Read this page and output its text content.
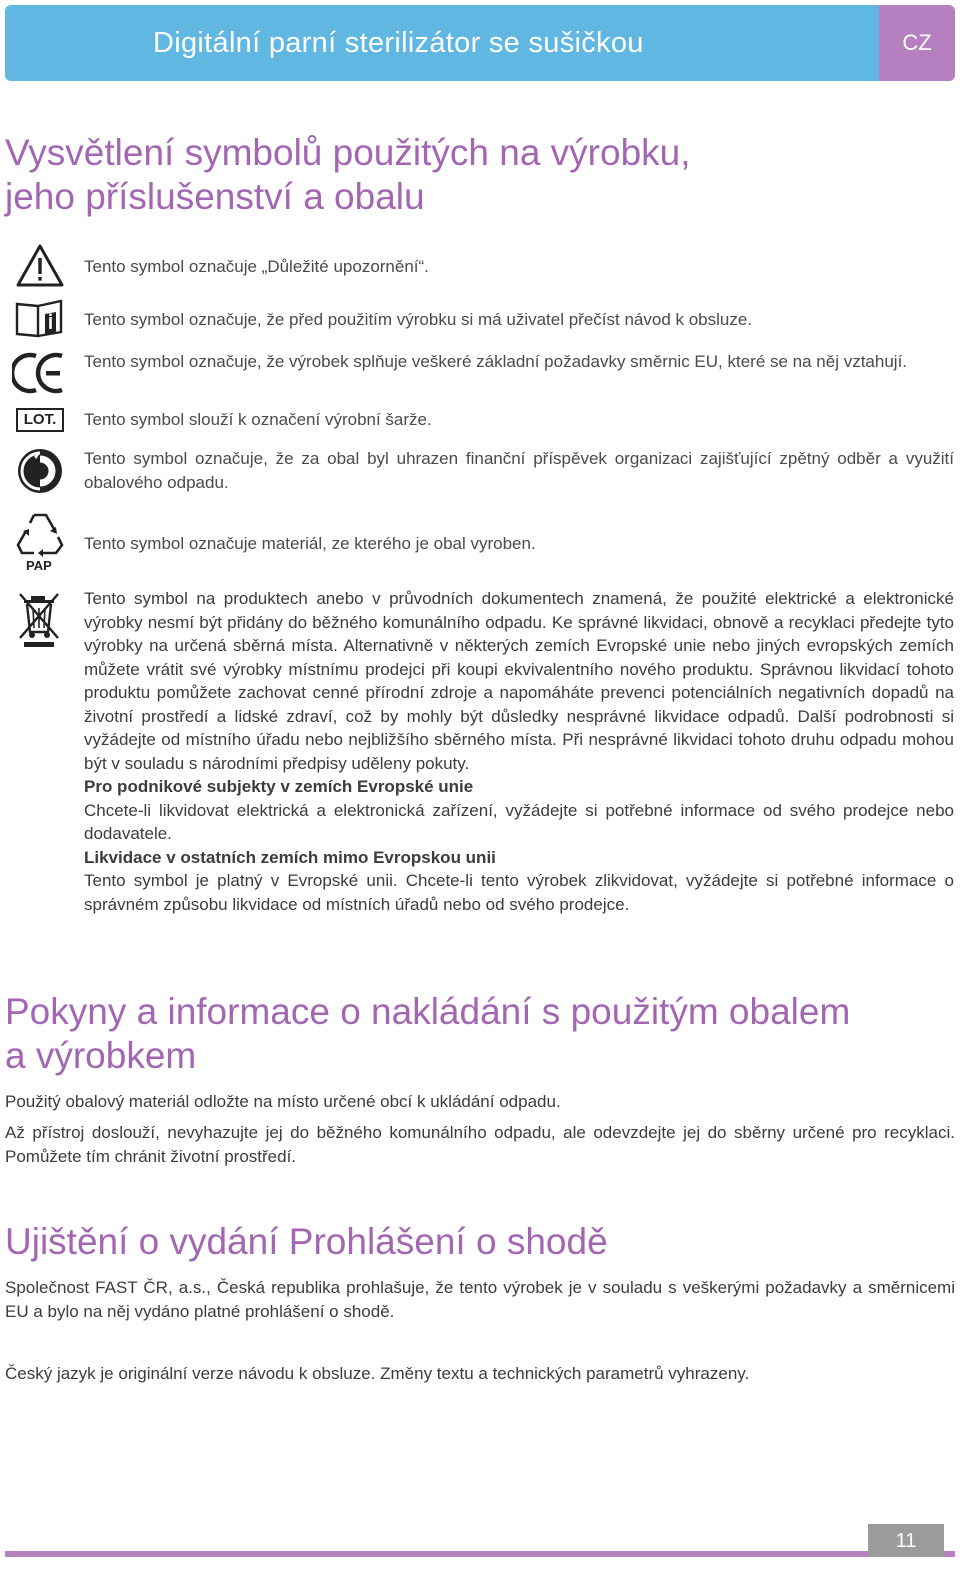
Digitální parní sterilizátor se sušičkou	CZ
Vysvětlení symbolů použitých na výrobku,
jeho příslušenství a obalu
Tento symbol označuje „Důležité upozornění“.
Tento symbol označuje, že před použitím výrobku si má uživatel přečíst návod k obsluze.
Tento symbol označuje, že výrobek splňuje veškeré základní požadavky směrnic EU, které se na něj vztahují.
LOT.	Tento symbol slouží k označení výrobní šarže.
Tento symbol označuje, že za obal byl uhrazen finanční příspěvek organizaci zajišťující zpětný odběr a využití obalového odpadu.
PAP
Tento symbol označuje materiál, ze kterého je obal vyroben.

Tento symbol na produktech anebo v průvodních dokumentech znamená, že použité elektrické a elektronické výrobky nesmí být přidány do běžného komunálního odpadu. Ke správné likvidaci, obnově a recyklaci předejte tyto výrobky na určená sběrná místa. Alternativně v některých zemích Evropské unie nebo jiných evropských zemích můžete vrátit své výrobky místnímu prodejci při koupi ekvivalentního nového produktu. Správnou likvidací tohoto produktu pomůžete zachovat cenné přírodní zdroje a napomáháte prevenci potenciálních negativních dopadů na životní prostředí a lidské zdraví, což by mohly být důsledky nesprávné likvidace odpadů. Další podrobnosti si vyžádejte od místního úřadu nebo nejbližšího sběrného místa. Při nesprávné likvidaci tohoto druhu odpadu mohou být v souladu s národními předpisy uděleny pokuty.

Pro podnikové subjekty v zemích Evropské unie

Chcete-li likvidovat elektrická a elektronická zařízení, vyžádejte si potřebné informace od svého prodejce nebo dodavatele.

Likvidace v ostatních zemích mimo Evropskou unii

Tento symbol je platný v Evropské unii. Chcete-li tento výrobek zlikvidovat, vyžádejte si potřebné informace o správném způsobu likvidace od místních úřadů nebo od svého prodejce.

Pokyny a informace o nakládání s použitým obalem
a výrobkem
Použitý obalový materiál odložte na místo určené obcí k ukládání odpadu.
Až přístroj doslouží, nevyhazujte jej do běžného komunálního odpadu, ale odevzdejte jej do sběrny určené pro recyklaci. Pomůžete tím chránit životní prostředí.
Ujištění o vydání Prohlášení o shodě
Společnost FAST ČR, a.s., Česká republika prohlašuje, že tento výrobek je v souladu s veškerými požadavky a směrnicemi EU a bylo na něj vydáno platné prohlášení o shodě.
Český jazyk je originální verze návodu k obsluze. Změny textu a technických parametrů vyhrazeny.
11
